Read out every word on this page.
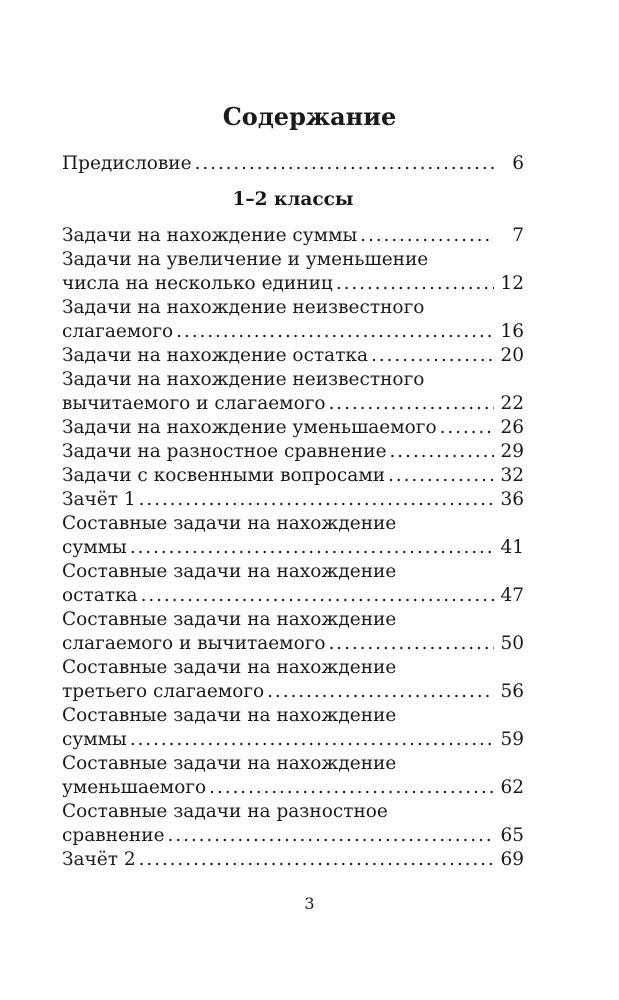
Содержание
Предисловие . . .	6
1–2 классы
Задачи на нахождение суммы . . .	7
Задачи на увеличение и уменьшение
числа на несколько единиц . . .	12
Задачи на нахождение неизвестного
слагаемого . . .	16
Задачи на нахождение остатка . . .	20
Задачи на нахождение неизвестного
вычитаемого и слагаемого . . .	22
Задачи на нахождение уменьшаемого . . .	26
Задачи на разностное сравнение . . .	29
Задачи с косвенными вопросами . . .	32
Зачёт 1 . . .	36
Составные задачи на нахождение
суммы . . .	41
Составные задачи на нахождение
остатка . . .	47
Составные задачи на нахождение
слагаемого и вычитаемого . . .	50
Составные задачи на нахождение
третьего слагаемого . . .	56
Составные задачи на нахождение
суммы . . .	59
Составные задачи на нахождение
уменьшаемого . . .	62
Составные задачи на разностное
сравнение . . .	65
Зачёт 2 . . .	69
3
